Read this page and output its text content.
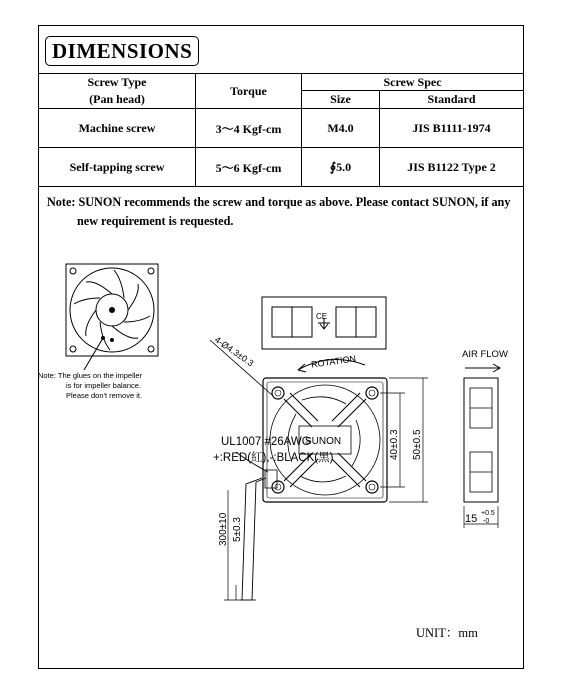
DIMENSIONS
Screw Type	Torque	Screw Spec	
(Pan head)		Size	Standard
Machine screw	3～4 Kgf-cm	M4.0	JIS B1111-1974
Self-tapping screw	5～6 Kgf-cm	∮5.0	JIS B1122 Type 2
Note: SUNON recommends the screw and torque as above. Please contact SUNON, if any
new requirement is requested.
Note: The glues on the impeller
is for impeller balance.
Please don't remove it.
CE
4-Ø4.3±0.3	ROTATION
SUNON
UL1007 #26AWG
+:RED(紅),-:BLACK(黑)
300±10 5±0.3
40±0.3 50±0.5
AIR FLOW
15 +0.5
-0
UNIT：mm
